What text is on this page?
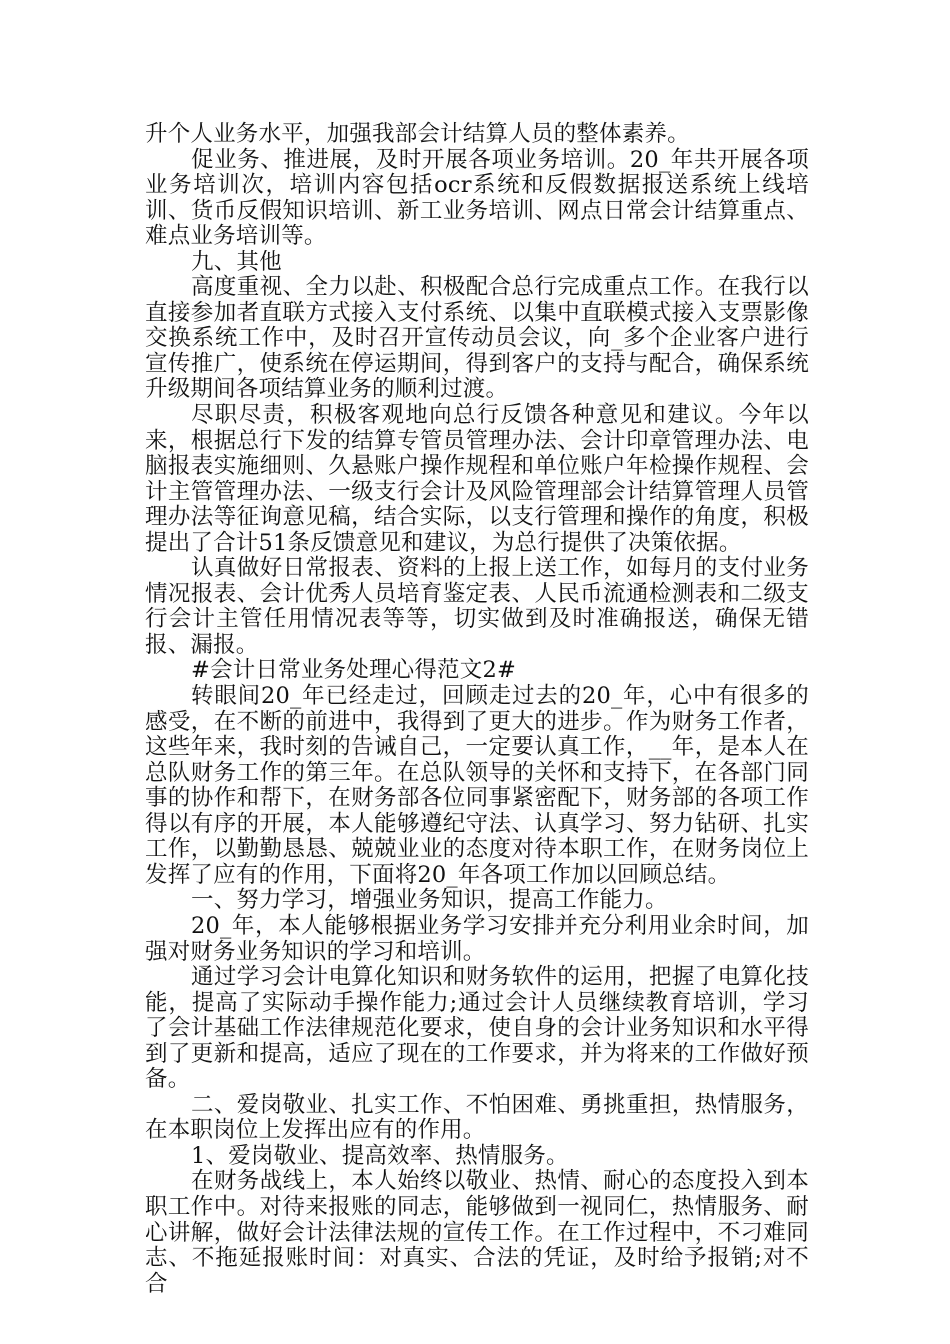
升个人业务水平，加强我部会计结算人员的整体素养。

促业务、推进展，及时开展各项业务培训。20_年共开展各项业务培训次，培训内容包括ocr系统和反假数据报送系统上线培训、货币反假知识培训、新工业务培训、网点日常会计结算重点、难点业务培训等。

九、其他

高度重视、全力以赴、积极配合总行完成重点工作。在我行以直接参加者直联方式接入支付系统、以集中直联模式接入支票影像交换系统工作中，及时召开宣传动员会议，向_多个企业客户进行宣传推广，使系统在停运期间，得到客户的支持与配合，确保系统升级期间各项结算业务的顺利过渡。

尽职尽责，积极客观地向总行反馈各种意见和建议。今年以来，根据总行下发的结算专管员管理办法、会计印章管理办法、电脑报表实施细则、久悬账户操作规程和单位账户年检操作规程、会计主管管理办法、一级支行会计及风险管理部会计结算管理人员管理办法等征询意见稿，结合实际，以支行管理和操作的角度，积极提出了合计51条反馈意见和建议，为总行提供了决策依据。

认真做好日常报表、资料的上报上送工作，如每月的支付业务情况报表、会计优秀人员培育鉴定表、人民币流通检测表和二级支行会计主管任用情况表等等，切实做到及时准确报送，确保无错报、漏报。

#会计日常业务处理心得范文2#

转眼间20_年已经走过，回顾走过去的20_年，心中有很多的感受，在不断的前进中，我得到了更大的进步。作为财务工作者，这些年来，我时刻的告诫自己，一定要认真工作，__年，是本人在总队财务工作的第三年。在总队领导的关怀和支持下，在各部门同事的协作和帮下，在财务部各位同事紧密配下，财务部的各项工作得以有序的开展，本人能够遵纪守法、认真学习、努力钻研、扎实工作，以勤勤恳恳、兢兢业业的态度对待本职工作，在财务岗位上发挥了应有的作用，下面将20_年各项工作加以回顾总结。

一、努力学习，增强业务知识，提高工作能力。

20_年，本人能够根据业务学习安排并充分利用业余时间，加强对财务业务知识的学习和培训。

通过学习会计电算化知识和财务软件的运用，把握了电算化技能，提高了实际动手操作能力;通过会计人员继续教育培训，学习了会计基础工作法律规范化要求，使自身的会计业务知识和水平得到了更新和提高，适应了现在的工作要求，并为将来的工作做好预备。

二、爱岗敬业、扎实工作、不怕困难、勇挑重担，热情服务，在本职岗位上发挥出应有的作用。

1、爱岗敬业、提高效率、热情服务。

在财务战线上，本人始终以敬业、热情、耐心的态度投入到本职工作中。对待来报账的同志，能够做到一视同仁，热情服务、耐心讲解，做好会计法律法规的宣传工作。在工作过程中，不刁难同志、不拖延报账时间：对真实、合法的凭证，及时给予报销;对不合
